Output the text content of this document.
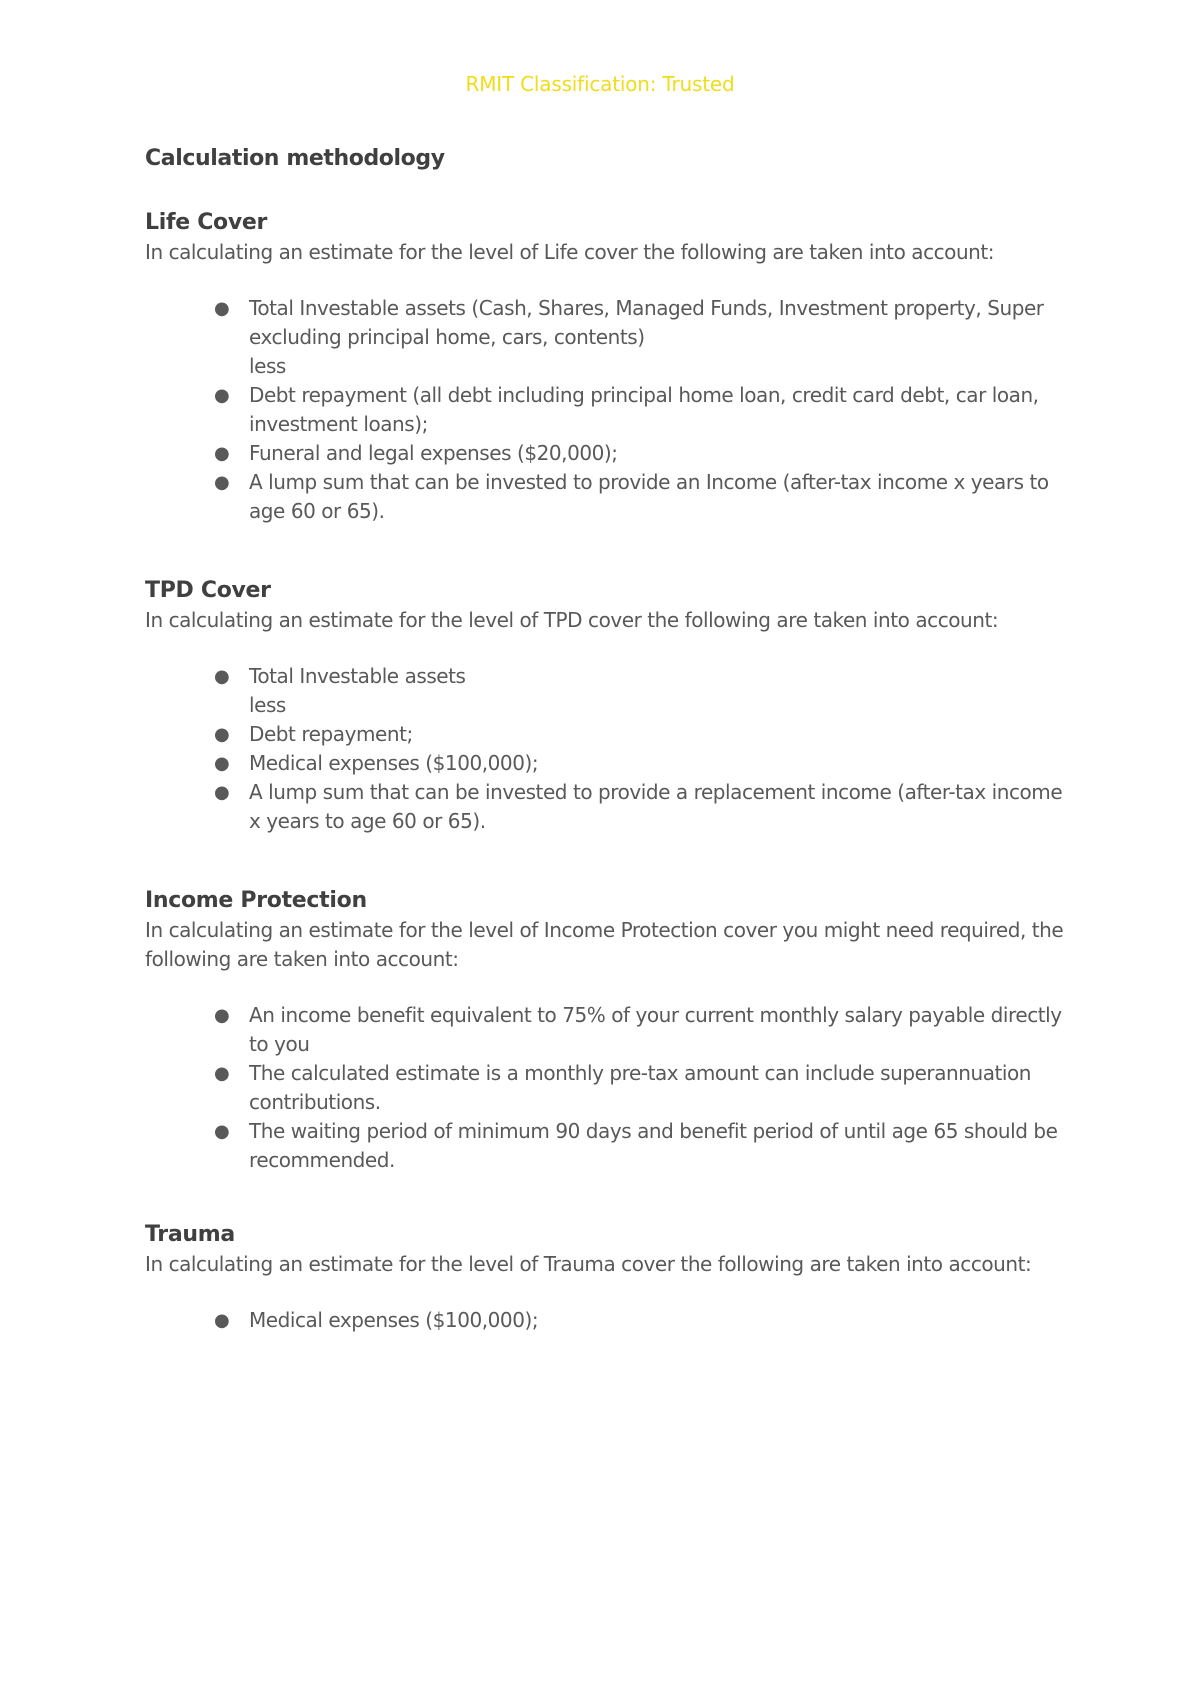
RMIT Classification: Trusted
Calculation methodology
Life Cover

In calculating an estimate for the level of Life cover the following are taken into account:

● Total Investable assets (Cash, Shares, Managed Funds, Investment property, Super excluding principal home, cars, contents)
less
● Debt repayment (all debt including principal home loan, credit card debt, car loan, investment loans);
● Funeral and legal expenses ($20,000);
● A lump sum that can be invested to provide an Income (after-tax income x years to age 60 or 65).
TPD Cover

In calculating an estimate for the level of TPD cover the following are taken into account:

● Total Investable assets
less
● Debt repayment;
● Medical expenses ($100,000);
● A lump sum that can be invested to provide a replacement income (after-tax income x years to age 60 or 65).
Income Protection

In calculating an estimate for the level of Income Protection cover you might need required, the following are taken into account:

● An income benefit equivalent to 75% of your current monthly salary payable directly to you
● The calculated estimate is a monthly pre-tax amount can include superannuation contributions.
● The waiting period of minimum 90 days and benefit period of until age 65 should be recommended.
Trauma

In calculating an estimate for the level of Trauma cover the following are taken into account:

● Medical expenses ($100,000);
